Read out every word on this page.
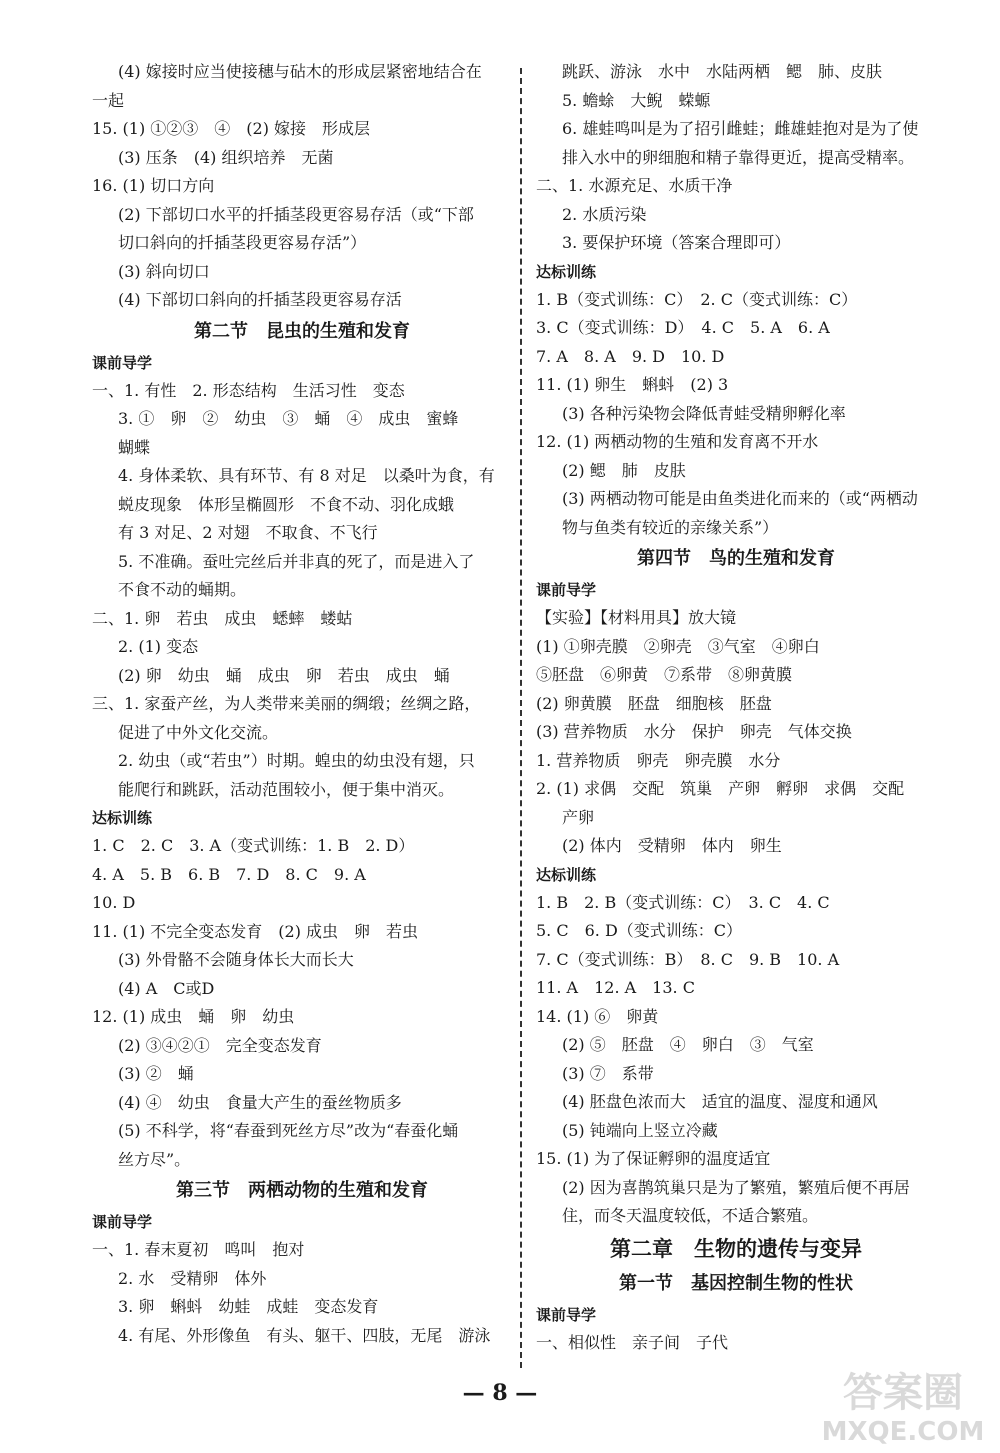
(4) 嫁接时应当使接穗与砧木的形成层紧密地结合在
一起
15. (1) ①②③　④　(2) 嫁接　形成层
(3) 压条　(4) 组织培养　无菌
16. (1) 切口方向
(2) 下部切口水平的扦插茎段更容易存活（或“下部
切口斜向的扦插茎段更容易存活”）
(3) 斜向切口
(4) 下部切口斜向的扦插茎段更容易存活
第二节　昆虫的生殖和发育
课前导学
一、1. 有性　2. 形态结构　生活习性　变态
3. ①　卵　②　幼虫　③　蛹　④　成虫　蜜蜂
蝴蝶
4. 身体柔软、具有环节、有 8 对足　以桑叶为食，有
蜕皮现象　体形呈椭圆形　不食不动、羽化成蛾
有 3 对足、2 对翅　不取食、不飞行
5. 不准确。蚕吐完丝后并非真的死了，而是进入了
不食不动的蛹期。
二、1. 卵　若虫　成虫　蟋蟀　蝼蛄
2. (1) 变态
(2) 卵　幼虫　蛹　成虫　卵　若虫　成虫　蛹
三、1. 家蚕产丝，为人类带来美丽的绸缎；丝绸之路，
促进了中外文化交流。
2. 幼虫（或“若虫”）时期。蝗虫的幼虫没有翅，只
能爬行和跳跃，活动范围较小，便于集中消灭。
达标训练
1. C　2. C　3. A（变式训练：1. B　2. D）
4. A　5. B　6. B　7. D　8. C　9. A
10. D
11. (1) 不完全变态发育　(2) 成虫　卵　若虫
(3) 外骨骼不会随身体长大而长大
(4) A　C或D
12. (1) 成虫　蛹　卵　幼虫
(2) ③④②①　完全变态发育
(3) ②　蛹
(4) ④　幼虫　食量大产生的蚕丝物质多
(5) 不科学，将“春蚕到死丝方尽”改为“春蚕化蛹
丝方尽”。
第三节　两栖动物的生殖和发育
课前导学
一、1. 春末夏初　鸣叫　抱对
2. 水　受精卵　体外
3. 卵　蝌蚪　幼蛙　成蛙　变态发育
4. 有尾、外形像鱼　有头、躯干、四肢，无尾　游泳
跳跃、游泳　水中　水陆两栖　鳃　肺、皮肤
5. 蟾蜍　大鲵　蝾螈
6. 雄蛙鸣叫是为了招引雌蛙；雌雄蛙抱对是为了使
排入水中的卵细胞和精子靠得更近，提高受精率。
二、1. 水源充足、水质干净
2. 水质污染
3. 要保护环境（答案合理即可）
达标训练
1. B（变式训练：C）　2. C（变式训练：C）
3. C（变式训练：D）　4. C　5. A　6. A
7. A　8. A　9. D　10. D
11. (1) 卵生　蝌蚪　(2) 3
(3) 各种污染物会降低青蛙受精卵孵化率
12. (1) 两栖动物的生殖和发育离不开水
(2) 鳃　肺　皮肤
(3) 两栖动物可能是由鱼类进化而来的（或“两栖动
物与鱼类有较近的亲缘关系”）
第四节　鸟的生殖和发育
课前导学
【实验】【材料用具】放大镜
(1) ①卵壳膜　②卵壳　③气室　④卵白
⑤胚盘　⑥卵黄　⑦系带　⑧卵黄膜
(2) 卵黄膜　胚盘　细胞核　胚盘
(3) 营养物质　水分　保护　卵壳　气体交换
1. 营养物质　卵壳　卵壳膜　水分
2. (1) 求偶　交配　筑巢　产卵　孵卵　求偶　交配
产卵
(2) 体内　受精卵　体内　卵生
达标训练
1. B　2. B（变式训练：C）　3. C　4. C
5. C　6. D（变式训练：C）
7. C（变式训练：B）　8. C　9. B　10. A
11. A　12. A　13. C
14. (1) ⑥　卵黄
(2) ⑤　胚盘　④　卵白　③　气室
(3) ⑦　系带
(4) 胚盘色浓而大　适宜的温度、湿度和通风
(5) 钝端向上竖立冷藏
15. (1) 为了保证孵卵的温度适宜
(2) 因为喜鹊筑巢只是为了繁殖，繁殖后便不再居
住，而冬天温度较低，不适合繁殖。
第二章　生物的遗传与变异
第一节　基因控制生物的性状
课前导学
一、相似性　亲子间　子代
— 8 —	答案圈
MXQE.COM
